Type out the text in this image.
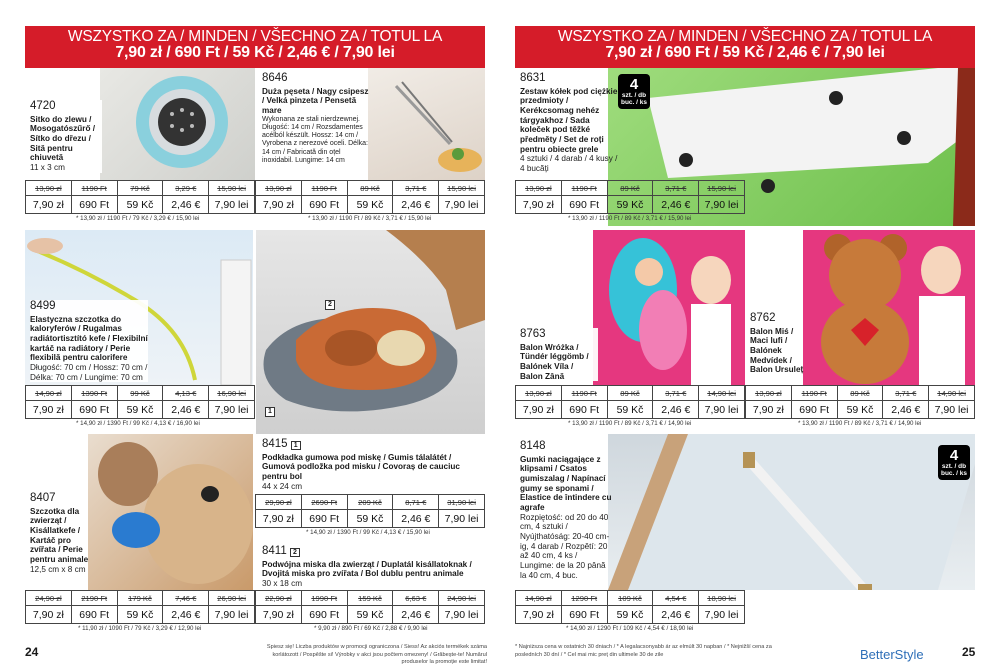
WSZYSTKO ZA / MINDEN / VŠECHNO ZA / TOTUL LA
7,90 zł / 690 Ft / 59 Kč / 2,46 € / 7,90 lei
4720
Sitko do zlewu / Mosogatószűrő / Sítko do dřezu / Sită pentru chiuvetă
11 x 3 cm
13,90 zł	1190 Ft	79 Kč	3,29 €	15,90 lei
7,90 zł	690 Ft	59 Kč	2,46 €	7,90 lei
* 13,90 zł / 1190 Ft / 79 Kč / 3,29 € / 15,90 lei
8646
Duża pęseta / Nagy csipesz / Velká pinzeta / Pensetă mare
Wykonana ze stali nierdzewnej. Długość: 14 cm / Rozsdamentes acélból készült. Hossz: 14 cm / Vyrobena z nerezové oceli. Délka: 14 cm / Fabricată din oțel inoxidabil. Lungime: 14 cm
13,90 zł	1190 Ft	89 Kč	3,71 €	15,90 lei
7,90 zł	690 Ft	59 Kč	2,46 €	7,90 lei
* 13,90 zł / 1190 Ft / 89 Kč / 3,71 € / 15,90 lei
8499
Elastyczna szczotka do kaloryferów / Rugalmas radiátortisztító kefe / Flexibilní kartáč na radiátory / Perie flexibilă pentru calorifere
Długość: 70 cm / Hossz: 70 cm / Délka: 70 cm / Lungime: 70 cm
14,90 zł	1390 Ft	99 Kč	4,13 €	16,90 lei
7,90 zł	690 Ft	59 Kč	2,46 €	7,90 lei
* 14,90 zł / 1390 Ft / 99 Kč / 4,13 € / 16,90 lei
2
1
8415 1
Podkładka gumowa pod miskę / Gumis tálalátét / Gumová podložka pod misku / Covoraș de cauciuc pentru bol
44 x 24 cm
29,90 zł	2690 Ft	209 Kč	8,71 €	31,90 lei
7,90 zł	690 Ft	59 Kč	2,46 €	7,90 lei
* 14,90 zł / 1390 Ft / 99 Kč / 4,13 € / 15,90 lei
8411 2
Podwójna miska dla zwierząt / Duplatál kisállatoknak / Dvojitá miska pro zvířata / Bol dublu pentru animale
30 x 18 cm
22,90 zł	1990 Ft	159 Kč	6,63 €	24,90 lei
7,90 zł	690 Ft	59 Kč	2,46 €	7,90 lei
* 9,90 zł / 890 Ft / 69 Kč / 2,88 € / 9,90 lei
8407
Szczotka dla zwierząt / Kisállatkefe / Kartáč pro zvířata / Perie pentru animale
12,5 cm x 8 cm
24,90 zł	2190 Ft	179 Kč	7,46 €	26,90 lei
7,90 zł	690 Ft	59 Kč	2,46 €	7,90 lei
* 11,90 zł / 1090 Ft / 79 Kč / 3,29 € / 12,90 lei
24	Spiesz się! Liczba produktów w promocji ograniczona / Siess! Az akciós termékek száma korlátozott / Pospěšte si! Výrobky v akci jsou počtem omezeny! / Grăbește-te! Numărul produselor la promoție este limitat!
WSZYSTKO ZA / MINDEN / VŠECHNO ZA / TOTUL LA
7,90 zł / 690 Ft / 59 Kč / 2,46 € / 7,90 lei
8631
Zestaw kółek pod ciężkie przedmioty / Kerékcsomag nehéz tárgyakhoz / Sada koleček pod těžké předměty / Set de roți pentru obiecte grele
4 sztuki / 4 darab / 4 kusy / 4 bucăți
4
szt. / db buc. / ks
13,90 zł	1190 Ft	89 Kč	3,71 €	15,90 lei
7,90 zł	690 Ft	59 Kč	2,46 €	7,90 lei
* 13,90 zł / 1190 Ft / 89 Kč / 3,71 € / 15,90 lei
8763
Balon Wróżka / Tündér léggömb / Balónek Víla / Balon Zână
13,90 zł	1190 Ft	89 Kč	3,71 €	14,90 lei
7,90 zł	690 Ft	59 Kč	2,46 €	7,90 lei
* 13,90 zł / 1190 Ft / 89 Kč / 3,71 € / 14,90 lei
8762
Balon Miś / Maci lufi / Balónek Medvídek / Balon Ursuleț
13,90 zł	1190 Ft	89 Kč	3,71 €	14,90 lei
7,90 zł	690 Ft	59 Kč	2,46 €	7,90 lei
* 13,90 zł / 1190 Ft / 89 Kč / 3,71 € / 14,90 lei
8148
Gumki naciągające z klipsami / Csatos gumiszalag / Napínací gumy se sponami / Elastice de întindere cu agrafe
Rozpiętość: od 20 do 40 cm, 4 sztuki / Nyújthatóság: 20-40 cm-ig, 4 darab / Rozpětí: 20 až 40 cm, 4 ks / Lungime: de la 20 până la 40 cm, 4 buc.
4
szt. / db buc. / ks
14,90 zł	1290 Ft	109 Kč	4,54 €	18,90 lei
7,90 zł	690 Ft	59 Kč	2,46 €	7,90 lei
* 14,90 zł / 1290 Ft / 109 Kč / 4,54 € / 18,90 lei
* Najniższa cena w ostatnich 30 dniach / * A legalacsonyabb ár az elmúlt 30 napban / * Nejnižší cena za posledních 30 dní / * Cel mai mic preț din ultimele 30 de zile	BetterStyle	25
